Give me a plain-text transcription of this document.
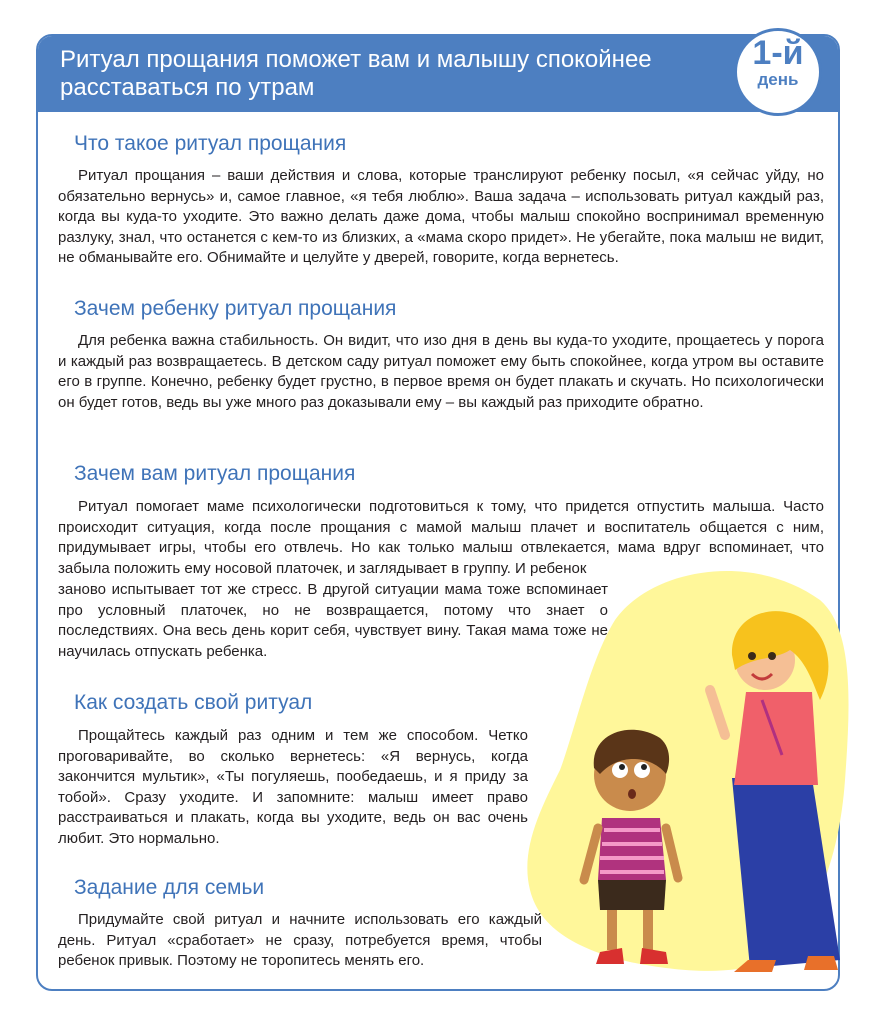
Ритуал прощания поможет вам и малышу спокойнее расставаться по утрам
Что такое ритуал прощания

Ритуал прощания – ваши действия и слова, которые транслируют ребенку посыл, «я сейчас уйду, но обязательно вернусь» и, самое главное, «я тебя люблю». Ваша задача – использовать ритуал каждый раз, когда вы куда-то уходите. Это важно делать даже дома, чтобы малыш спокойно воспринимал временную разлуку, знал, что останется с кем-то из близких, а «мама скоро придет». Не убегайте, пока малыш не видит, не обманывайте его. Обнимайте и целуйте у дверей, говорите, когда вернетесь.

Зачем ребенку ритуал прощания

Для ребенка важна стабильность. Он видит, что изо дня в день вы куда-то уходите, прощаетесь у порога и каждый раз возвращаетесь. В детском саду ритуал поможет ему быть спокойнее, когда утром вы оставите его в группе. Конечно, ребенку будет грустно, в первое время он будет плакать и скучать. Но психологически он будет готов, ведь вы уже много раз доказывали ему – вы каждый раз приходите обратно.

Зачем вам ритуал прощания

Ритуал помогает маме психологически подготовиться к тому, что придется отпустить малыша. Часто происходит ситуация, когда после прощания с мамой малыш плачет и воспитатель общается с ним, придумывает игры, чтобы его отвлечь. Но как только малыш отвлекается, мама вдруг вспоминает, что забыла положить ему носовой платочек, и заглядывает в группу. И ребенок

заново испытывает тот же стресс. В другой ситуации мама тоже вспоминает про условный платочек, но не возвращается, потому что знает о последствиях. Она весь день корит себя, чувствует вину. Такая мама тоже не научилась отпускать ребенка.

Как создать свой ритуал

Прощайтесь каждый раз одним и тем же способом. Четко проговаривайте, во сколько вернетесь: «Я вернусь, когда закончится мультик», «Ты погуляешь, пообедаешь, и я приду за тобой». Сразу уходите. И запомните: малыш имеет право расстраиваться и плакать, когда вы уходите, ведь он вас очень любит. Это нормально.

Задание для семьи

Придумайте свой ритуал и начните использовать его каждый день. Ритуал «сработает» не сразу, потребуется время, чтобы ребенок привык. Поэтому не торопитесь менять его.

1-й
день
